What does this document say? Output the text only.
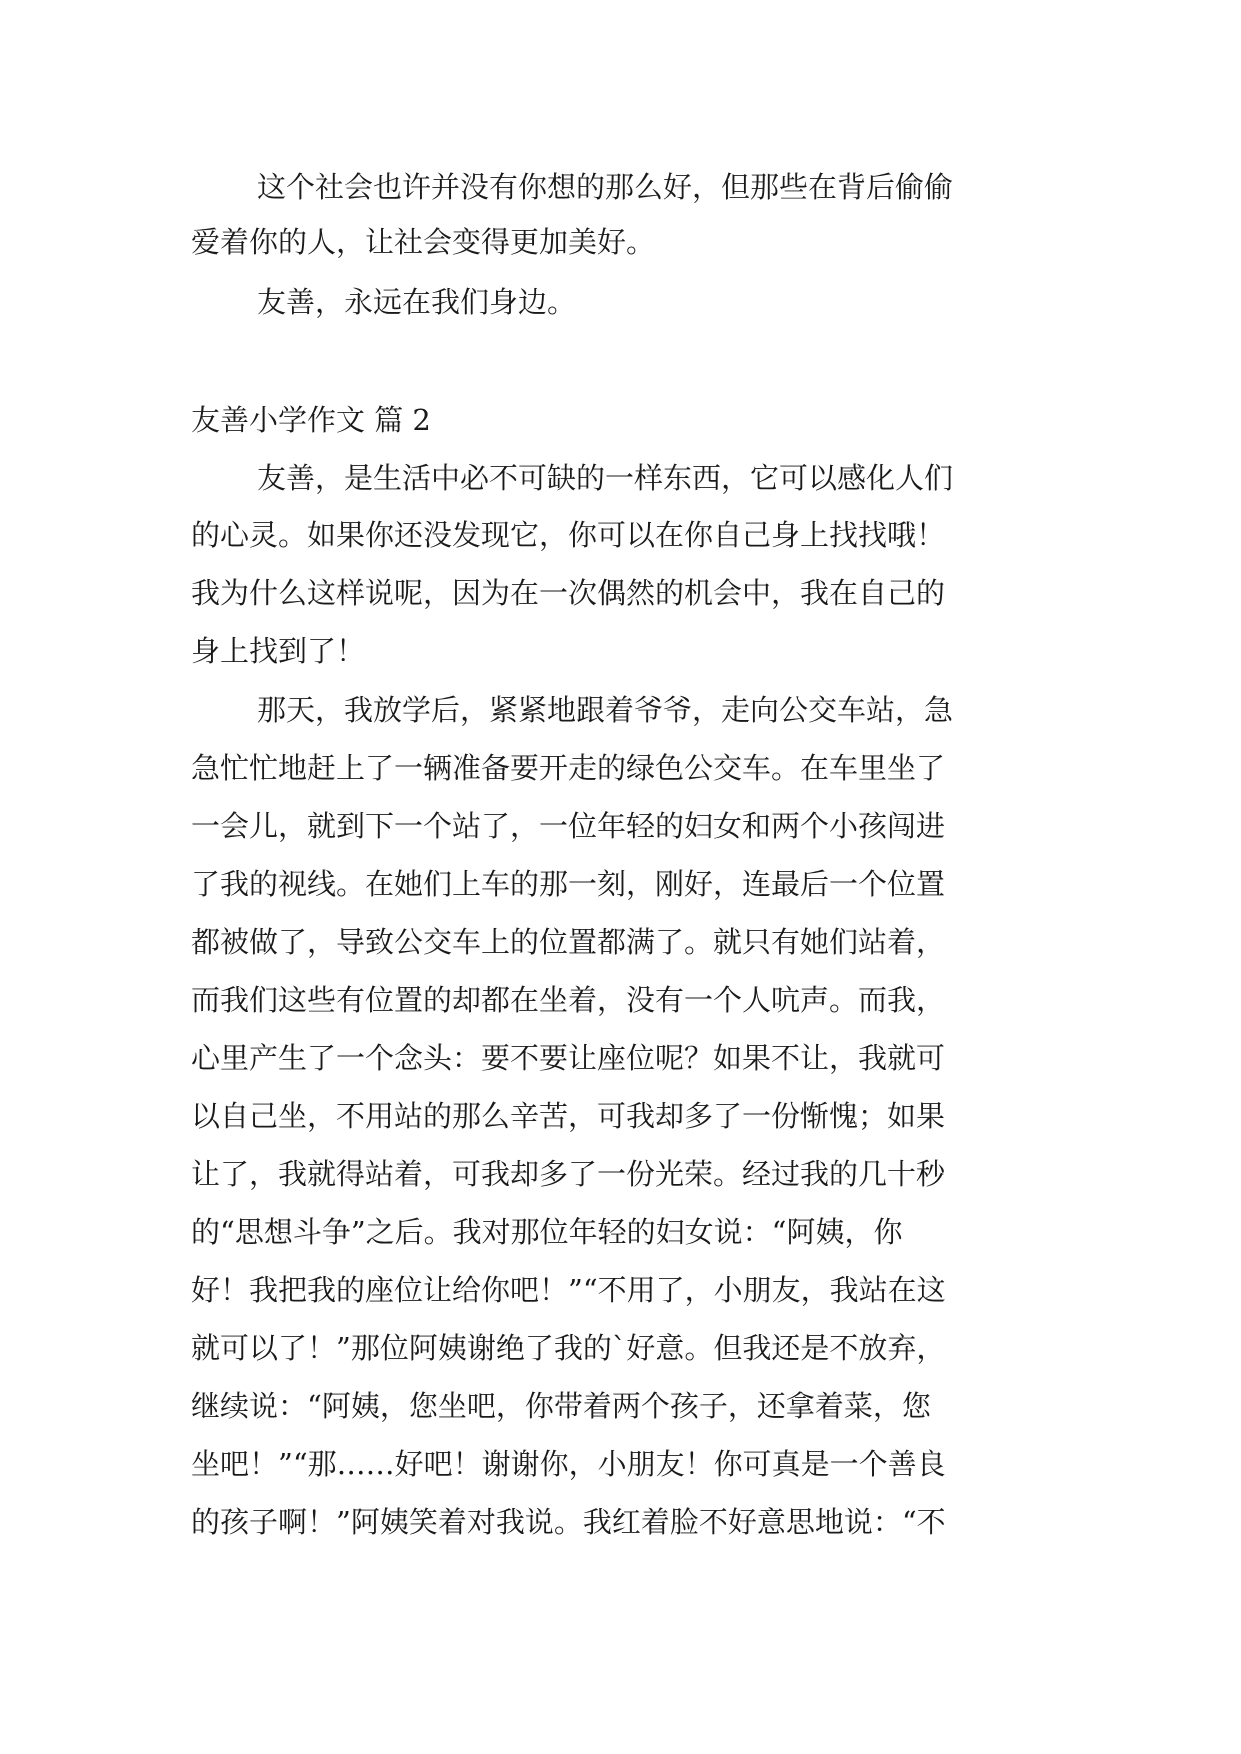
这个社会也许并没有你想的那么好，但那些在背后偷偷
爱着你的人，让社会变得更加美好。
友善，永远在我们身边。
友善小学作文 篇 2
友善，是生活中必不可缺的一样东西，它可以感化人们
的心灵。如果你还没发现它，你可以在你自己身上找找哦！
我为什么这样说呢，因为在一次偶然的机会中，我在自己的
身上找到了！
那天，我放学后，紧紧地跟着爷爷，走向公交车站，急
急忙忙地赶上了一辆准备要开走的绿色公交车。在车里坐了
一会儿，就到下一个站了，一位年轻的妇女和两个小孩闯进
了我的视线。在她们上车的那一刻，刚好，连最后一个位置
都被做了，导致公交车上的位置都满了。就只有她们站着，
而我们这些有位置的却都在坐着，没有一个人吭声。而我，
心里产生了一个念头：要不要让座位呢？如果不让，我就可
以自己坐，不用站的那么辛苦，可我却多了一份惭愧；如果
让了，我就得站着，可我却多了一份光荣。经过我的几十秒
的“思想斗争”之后。我对那位年轻的妇女说：“阿姨，你
好！我把我的座位让给你吧！”“不用了，小朋友，我站在这
就可以了！”那位阿姨谢绝了我的`好意。但我还是不放弃，
继续说：“阿姨，您坐吧，你带着两个孩子，还拿着菜，您
坐吧！”“那……好吧！谢谢你，小朋友！你可真是一个善良
的孩子啊！”阿姨笑着对我说。我红着脸不好意思地说：“不
